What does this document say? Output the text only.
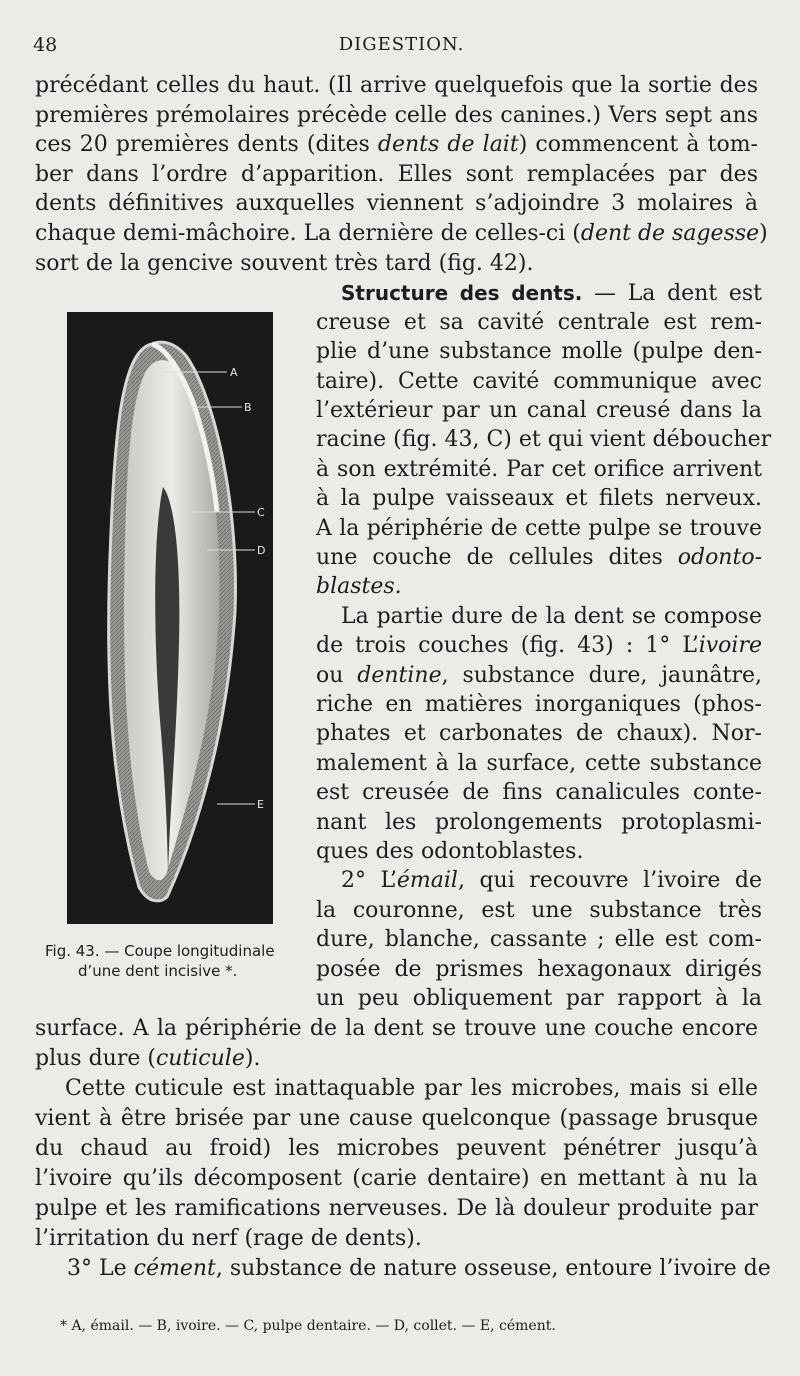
48	DIGESTION.
précédant celles du haut. (Il arrive quelquefois que la sortie des
premières prémolaires précède celle des canines.) Vers sept ans
ces 20 premières dents (dites dents de lait) commencent à tom-
ber dans l’ordre d’apparition. Elles sont remplacées par des
dents définitives auxquelles viennent s’adjoindre 3 molaires à
chaque demi-mâchoire. La dernière de celles-ci (dent de sagesse)
sort de la gencive souvent très tard (fig. 42).
Structure des dents. — La dent est
creuse et sa cavité centrale est rem-
plie d’une substance molle (pulpe den-
taire). Cette cavité communique avec
l’extérieur par un canal creusé dans la
racine (fig. 43, C) et qui vient déboucher
à son extrémité. Par cet orifice arrivent
à la pulpe vaisseaux et filets nerveux.
A la périphérie de cette pulpe se trouve
une couche de cellules dites odonto-
blastes.
La partie dure de la dent se compose
de trois couches (fig. 43) : 1° L’ivoire
ou dentine, substance dure, jaunâtre,
riche en matières inorganiques (phos-
phates et carbonates de chaux). Nor-
malement à la surface, cette substance
est creusée de fins canalicules conte-
nant les prolongements protoplasmi-
ques des odontoblastes.
2° L’émail, qui recouvre l’ivoire de
la couronne, est une substance très
dure, blanche, cassante ; elle est com-
posée de prismes hexagonaux dirigés
un peu obliquement par rapport à la
surface. A la périphérie de la dent se trouve une couche encore
plus dure (cuticule).
Cette cuticule est inattaquable par les microbes, mais si elle
vient à être brisée par une cause quelconque (passage brusque
du chaud au froid) les microbes peuvent pénétrer jusqu’à
l’ivoire qu’ils décomposent (carie dentaire) en mettant à nu la
pulpe et les ramifications nerveuses. De là douleur produite par
l’irritation du nerf (rage de dents).
3° Le cément, substance de nature osseuse, entoure l’ivoire de
A
B
C
D
E
Fig. 43. — Coupe longitudinale
d’une dent incisive *.
* A, émail. — B, ivoire. — C, pulpe dentaire. — D, collet. — E, cément.
